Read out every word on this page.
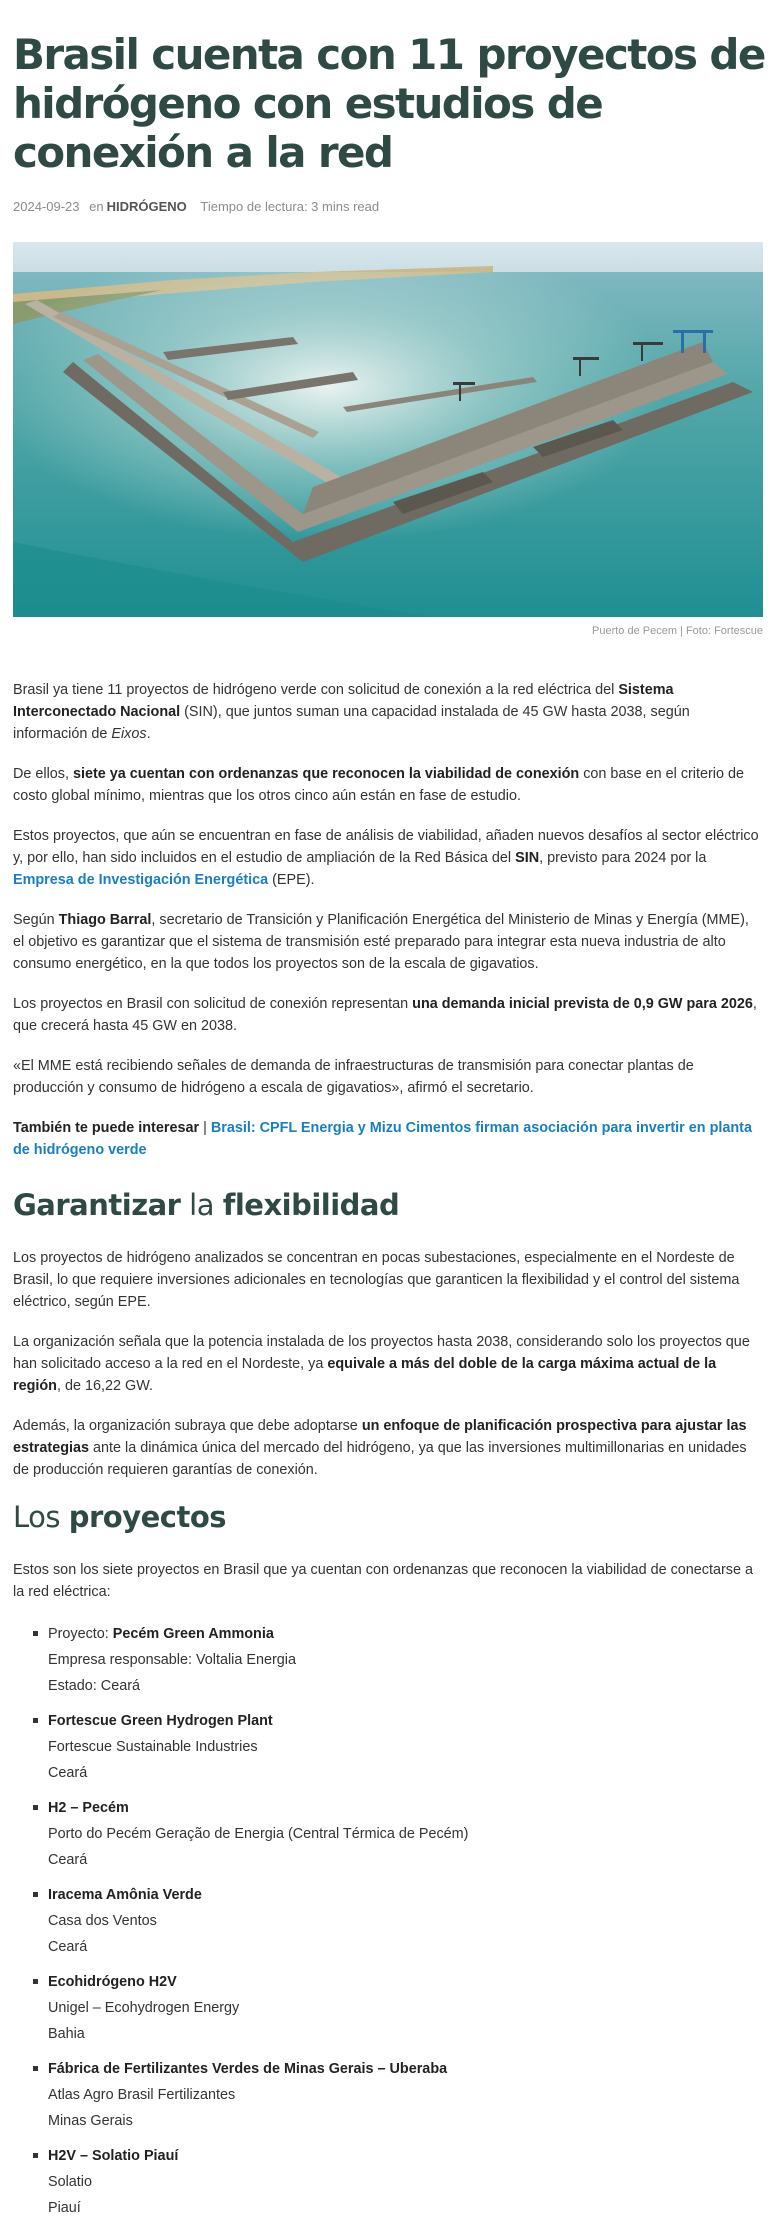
Brasil cuenta con 11 proyectos de hidrógeno con estudios de conexión a la red
2024-09-23 en HIDRÓGENO Tiempo de lectura: 3 mins read
Puerto de Pecem | Foto: Fortescue

Brasil ya tiene 11 proyectos de hidrógeno verde con solicitud de conexión a la red eléctrica del Sistema Interconectado Nacional (SIN), que juntos suman una capacidad instalada de 45 GW hasta 2038, según información de Eixos.

De ellos, siete ya cuentan con ordenanzas que reconocen la viabilidad de conexión con base en el criterio de costo global mínimo, mientras que los otros cinco aún están en fase de estudio.

Estos proyectos, que aún se encuentran en fase de análisis de viabilidad, añaden nuevos desafíos al sector eléctrico y, por ello, han sido incluidos en el estudio de ampliación de la Red Básica del SIN, previsto para 2024 por la Empresa de Investigación Energética (EPE).

Según Thiago Barral, secretario de Transición y Planificación Energética del Ministerio de Minas y Energía (MME), el objetivo es garantizar que el sistema de transmisión esté preparado para integrar esta nueva industria de alto consumo energético, en la que todos los proyectos son de la escala de gigavatios.

Los proyectos en Brasil con solicitud de conexión representan una demanda inicial prevista de 0,9 GW para 2026, que crecerá hasta 45 GW en 2038.

«El MME está recibiendo señales de demanda de infraestructuras de transmisión para conectar plantas de producción y consumo de hidrógeno a escala de gigavatios», afirmó el secretario.

También te puede interesar | Brasil: CPFL Energia y Mizu Cimentos firman asociación para invertir en planta de hidrógeno verde
Garantizar la flexibilidad

Los proyectos de hidrógeno analizados se concentran en pocas subestaciones, especialmente en el Nordeste de Brasil, lo que requiere inversiones adicionales en tecnologías que garanticen la flexibilidad y el control del sistema eléctrico, según EPE.

La organización señala que la potencia instalada de los proyectos hasta 2038, considerando solo los proyectos que han solicitado acceso a la red en el Nordeste, ya equivale a más del doble de la carga máxima actual de la región, de 16,22 GW.

Además, la organización subraya que debe adoptarse un enfoque de planificación prospectiva para ajustar las estrategias ante la dinámica única del mercado del hidrógeno, ya que las inversiones multimillonarias en unidades de producción requieren garantías de conexión.

Los proyectos

Estos son los siete proyectos en Brasil que ya cuentan con ordenanzas que reconocen la viabilidad de conectarse a la red eléctrica:

Proyecto: Pecém Green Ammonia
Empresa responsable: Voltalia Energia
Estado: Ceará
Fortescue Green Hydrogen Plant
Fortescue Sustainable Industries
Ceará
H2 – Pecém
Porto do Pecém Geração de Energia (Central Térmica de Pecém)
Ceará
Iracema Amônia Verde
Casa dos Ventos
Ceará
Ecohidrógeno H2V
Unigel – Ecohydrogen Energy
Bahia
Fábrica de Fertilizantes Verdes de Minas Gerais – Uberaba
Atlas Agro Brasil Fertilizantes
Minas Gerais
H2V – Solatio Piauí
Solatio
Piauí
